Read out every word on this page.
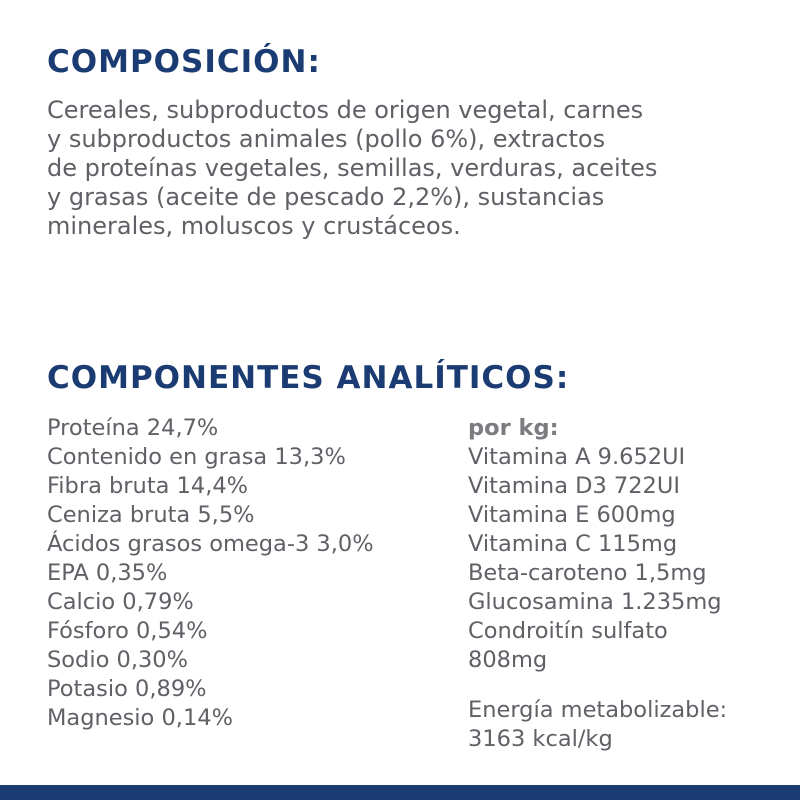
COMPOSICIÓN:

Cereales, subproductos de origen vegetal, carnes
y subproductos animales (pollo 6%), extractos
de proteínas vegetales, semillas, verduras, aceites
y grasas (aceite de pescado 2,2%), sustancias
minerales, moluscos y crustáceos.

COMPONENTES ANALÍTICOS:
Proteína 24,7%
Contenido en grasa 13,3%
Fibra bruta 14,4%
Ceniza bruta 5,5%
Ácidos grasos omega-3 3,0%
EPA 0,35%
Calcio 0,79%
Fósforo 0,54%
Sodio 0,30%
Potasio 0,89%
Magnesio 0,14%
por kg:
Vitamina A 9.652UI
Vitamina D3 722UI
Vitamina E 600mg
Vitamina C 115mg
Beta-caroteno 1,5mg
Glucosamina 1.235mg
Condroitín sulfato
808mg
Energía metabolizable:
3163 kcal/kg
